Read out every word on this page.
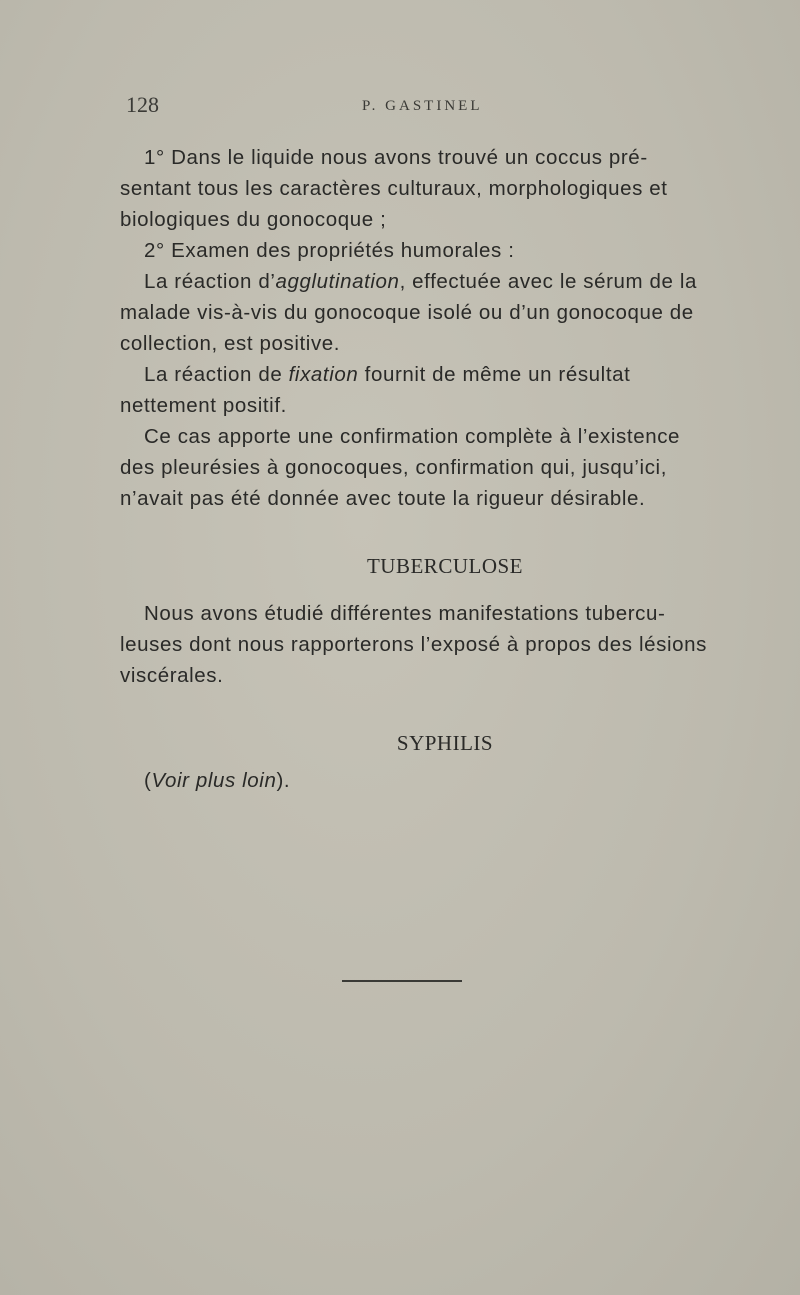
128	P. GASTINEL

1° Dans le liquide nous avons trouvé un coccus présentant tous les caractères culturaux, morphologiques et biologiques du gonocoque ;

2° Examen des propriétés humorales :

La réaction d’agglutination, effectuée avec le sérum de la malade vis-à-vis du gonocoque isolé ou d’un gonocoque de collection, est positive.

La réaction de fixation fournit de même un résultat nettement positif.

Ce cas apporte une confirmation complète à l’existence des pleurésies à gonocoques, confirmation qui, jusqu’ici, n’avait pas été donnée avec toute la rigueur désirable.

TUBERCULOSE

Nous avons étudié différentes manifestations tuberculeuses dont nous rapporterons l’exposé à propos des lésions viscérales.

SYPHILIS

(Voir plus loin).
